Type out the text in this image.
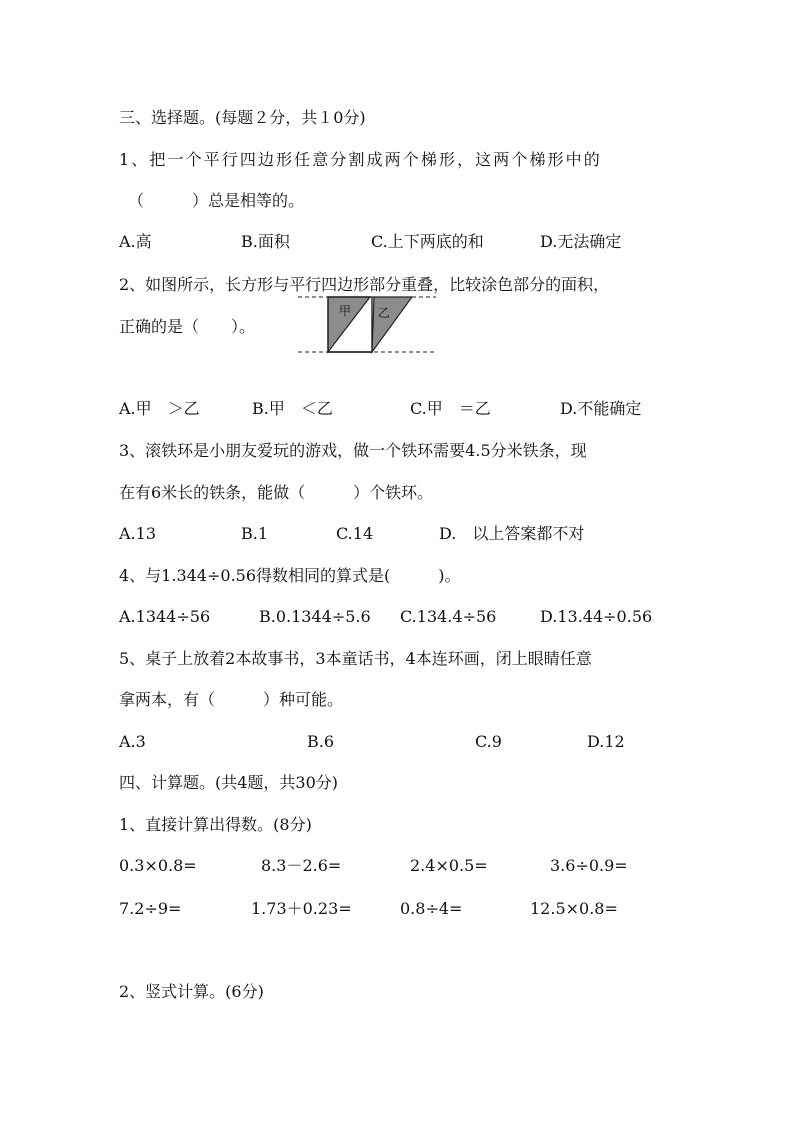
三、选择题。(每题２分，共１0分)
1、把一个平行四边形任意分割成两个梯形，这两个梯形中的
（　　　）总是相等的。
A.高	B.面积	C.上下两底的和	D.无法确定
2、如图所示，长方形与平行四边形部分重叠，比较涂色部分的面积，
正确的是（　　）。
甲 乙
A.甲　＞乙	B.甲　＜乙	C.甲　＝乙	D.不能确定
3、滚铁环是小朋友爱玩的游戏，做一个铁环需要4.5分米铁条，现
在有6米长的铁条，能做（　　　）个铁环。
A.13	B.1	C.14	D.　以上答案都不对
4、与1.344÷0.56得数相同的算式是(　　　)。
A.1344÷56	B.0.1344÷5.6 C.134.4÷56	D.13.44÷0.56
5、桌子上放着2本故事书，3本童话书，4本连环画，闭上眼睛任意
拿两本，有（　　　）种可能。
A.3	B.6	C.9	D.12
四、计算题。(共4题，共30分)
1、直接计算出得数。(8分)
0.3×0.8=	8.3－2.6=	2.4×0.5=	3.6÷0.9=
7.2÷9=	1.73＋0.23=	0.8÷4=	12.5×0.8=
2、竖式计算。(6分)
